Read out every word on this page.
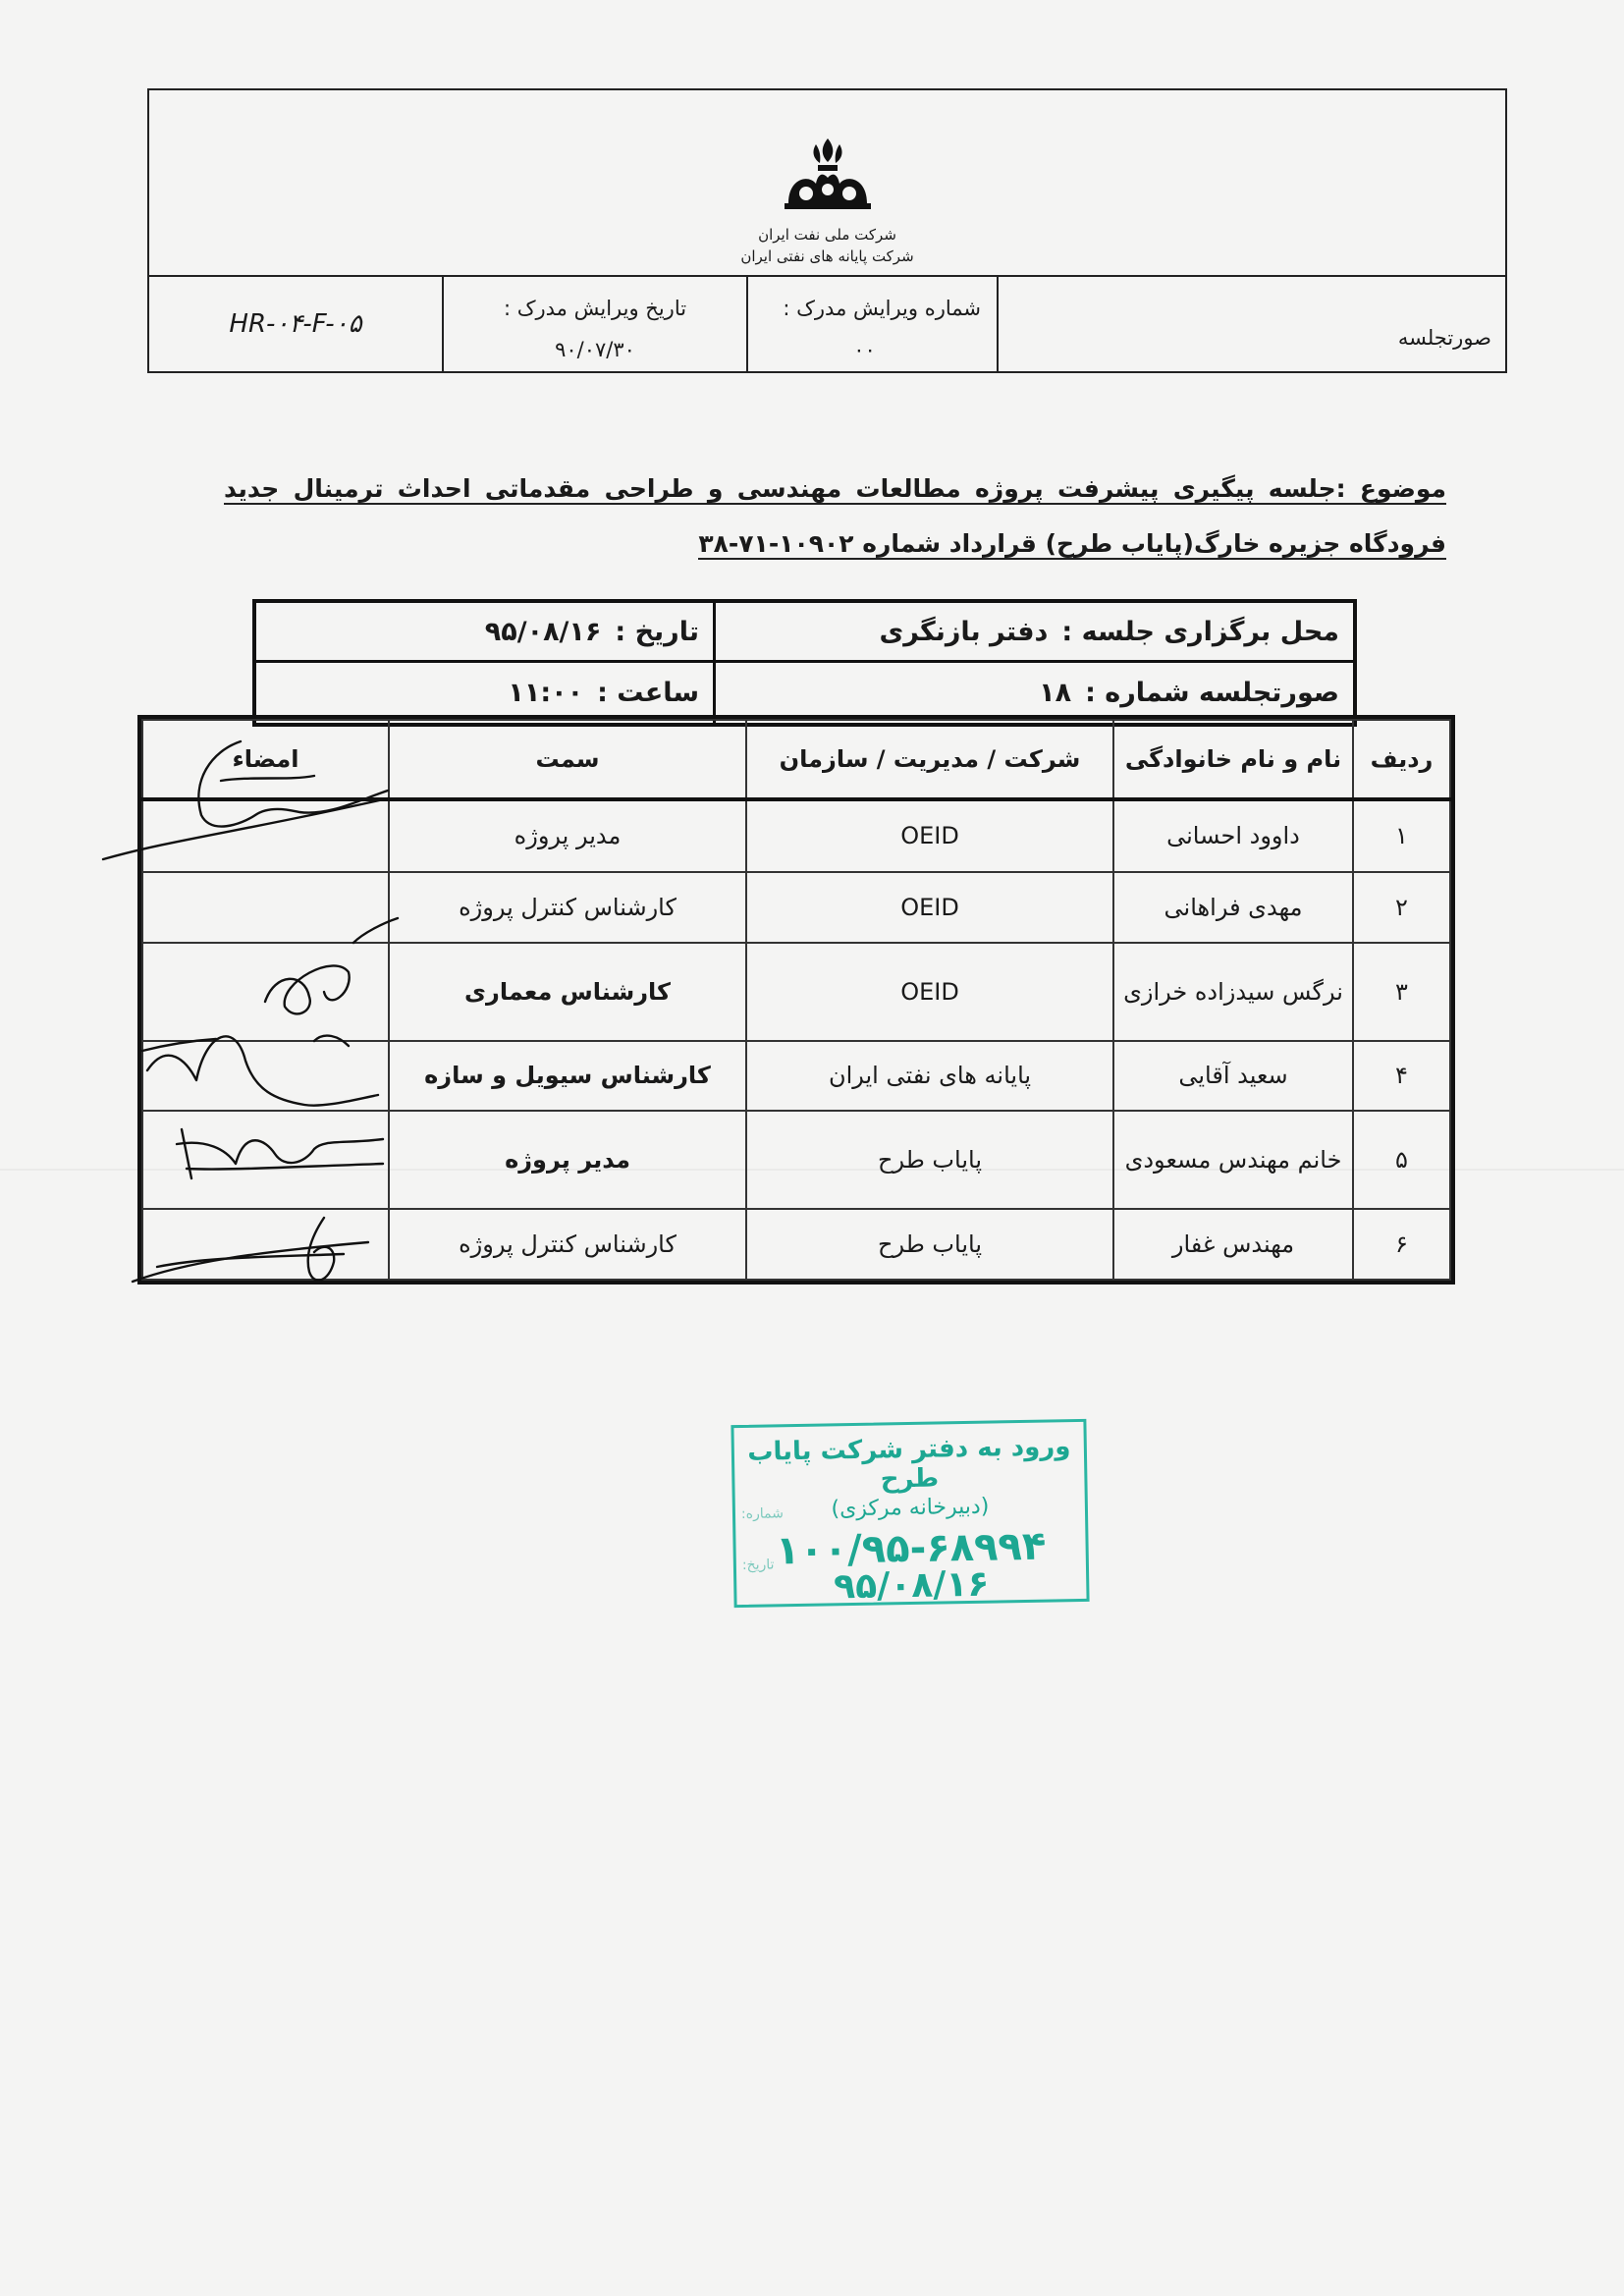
شرکت ملی نفت ایران
شرکت پایانه های نفتی ایران
HR-۰۴-F-۰۵
تاریخ ویرایش مدرک :
۹۰/۰۷/۳۰
شماره ویرایش مدرک :
۰۰	صورتجلسه
موضوع :جلسه پیگیری پیشرفت پروژه مطالعات مهندسی و طراحی مقدماتی احداث ترمینال جدید فرودگاه جزیره خارگ(پایاب طرح) قرارداد شماره ۱۰۹۰۲-۷۱-۳۸
تاریخ :
۹۵/۰۸/۱۶
ساعت :
۱۱:۰۰
محل برگزاری جلسه :
دفتر بازنگری
صورتجلسه شماره :
۱۸
ردیف	نام و نام خانوادگی	شرکت / مدیریت / سازمان	سمت	امضاء
۱	داوود احسانی	OEID	مدیر پروژه	
۲	مهدی فراهانی	OEID	کارشناس کنترل پروژه	
۳	نرگس سیدزاده خرازی	OEID	کارشناس معماری	
۴	سعید آقایی	پایانه های نفتی ایران	کارشناس سیویل و سازه	
۵	خانم مهندس مسعودی	پایاب طرح	مدیر پروژه	
۶	مهندس غفار	پایاب طرح	کارشناس کنترل پروژه	
ورود به دفتر شرکت پایاب طرح
(دبیرخانه مرکزی)
۱۰۰/۹۵-۶۸۹۹۴
۹۵/۰۸/۱۶
شماره:
تاریخ:
